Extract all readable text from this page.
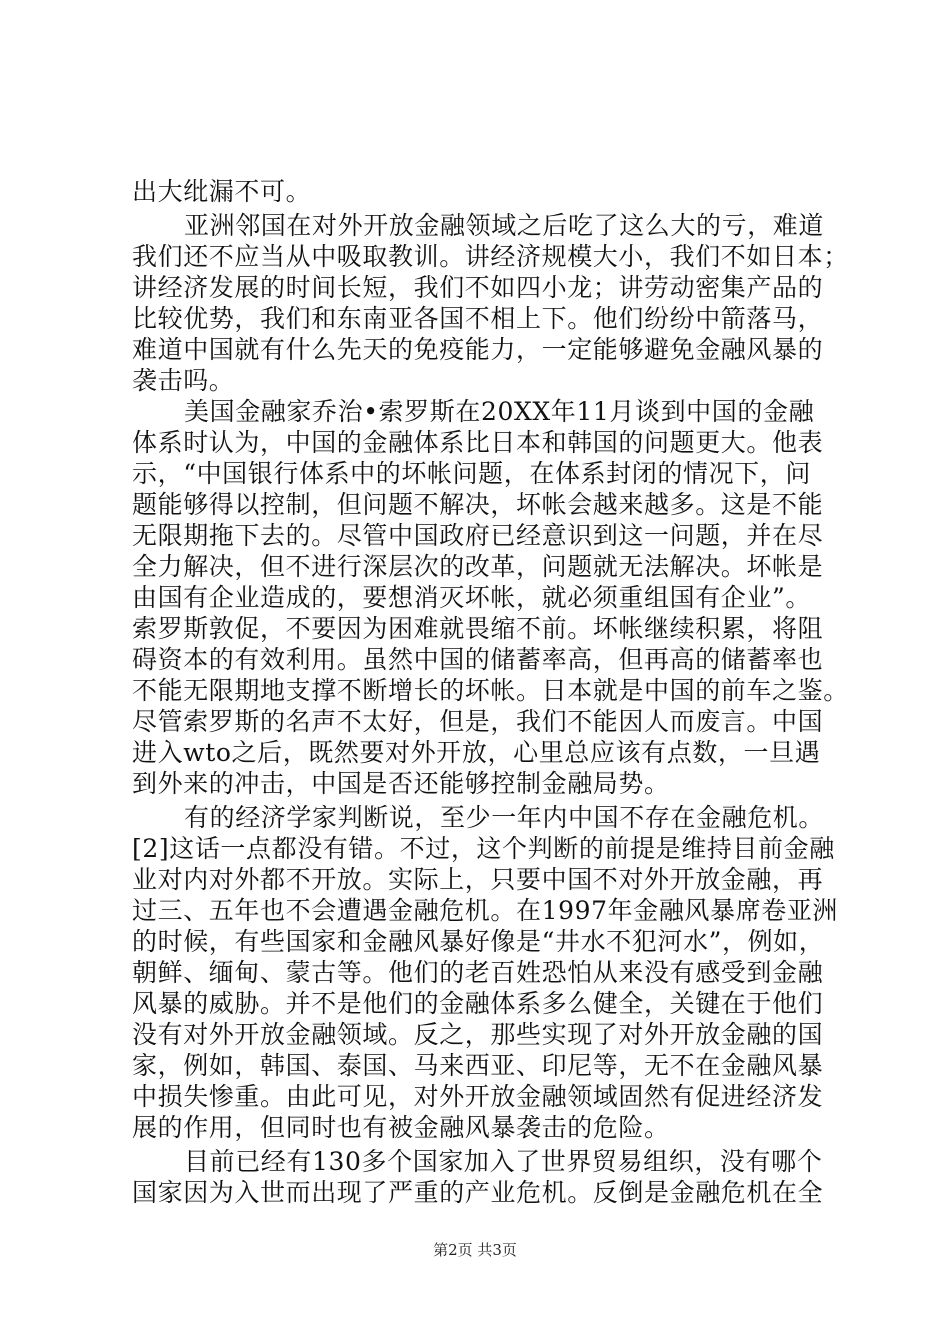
出大纰漏不可。
亚洲邻国在对外开放金融领域之后吃了这么大的亏，难道
我们还不应当从中吸取教训。讲经济规模大小，我们不如日本；
讲经济发展的时间长短，我们不如四小龙；讲劳动密集产品的
比较优势，我们和东南亚各国不相上下。他们纷纷中箭落马，
难道中国就有什么先天的免疫能力，一定能够避免金融风暴的
袭击吗。
美国金融家乔治•索罗斯在20XX年11月谈到中国的金融
体系时认为，中国的金融体系比日本和韩国的问题更大。他表
示，“中国银行体系中的坏帐问题，在体系封闭的情况下，问
题能够得以控制，但问题不解决，坏帐会越来越多。这是不能
无限期拖下去的。尽管中国政府已经意识到这一问题，并在尽
全力解决，但不进行深层次的改革，问题就无法解决。坏帐是
由国有企业造成的，要想消灭坏帐，就必须重组国有企业”。
索罗斯敦促，不要因为困难就畏缩不前。坏帐继续积累，将阻
碍资本的有效利用。虽然中国的储蓄率高，但再高的储蓄率也
不能无限期地支撑不断增长的坏帐。日本就是中国的前车之鉴。
尽管索罗斯的名声不太好，但是，我们不能因人而废言。中国
进入wto之后，既然要对外开放，心里总应该有点数，一旦遇
到外来的冲击，中国是否还能够控制金融局势。
有的经济学家判断说，至少一年内中国不存在金融危机。
[2]这话一点都没有错。不过，这个判断的前提是维持目前金融
业对内对外都不开放。实际上，只要中国不对外开放金融，再
过三、五年也不会遭遇金融危机。在1997年金融风暴席卷亚洲
的时候，有些国家和金融风暴好像是“井水不犯河水”，例如，
朝鲜、缅甸、蒙古等。他们的老百姓恐怕从来没有感受到金融
风暴的威胁。并不是他们的金融体系多么健全，关键在于他们
没有对外开放金融领域。反之，那些实现了对外开放金融的国
家，例如，韩国、泰国、马来西亚、印尼等，无不在金融风暴
中损失惨重。由此可见，对外开放金融领域固然有促进经济发
展的作用，但同时也有被金融风暴袭击的危险。
目前已经有130多个国家加入了世界贸易组织，没有哪个
国家因为入世而出现了严重的产业危机。反倒是金融危机在全
第2页 共3页
